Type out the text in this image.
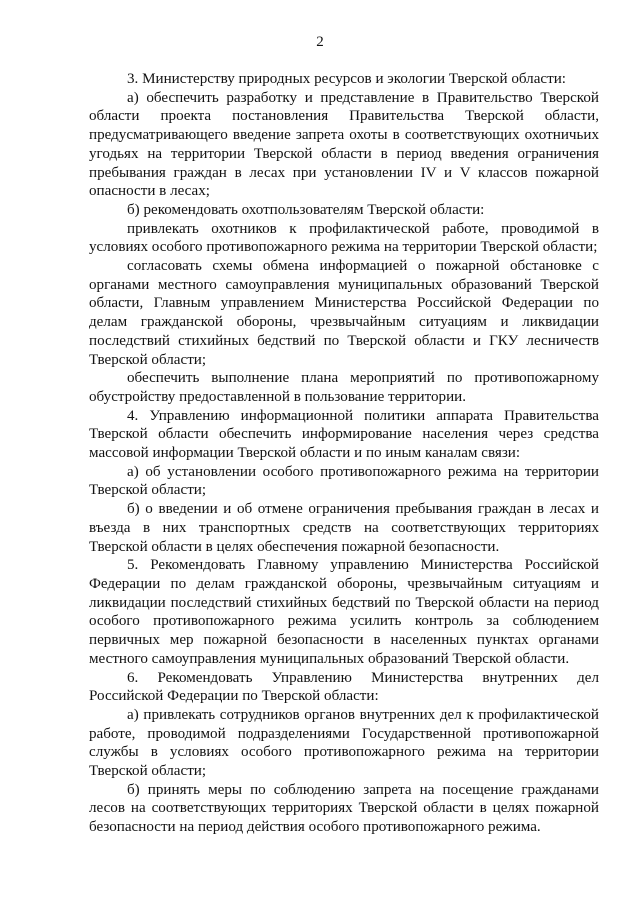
2

3. Министерству природных ресурсов и экологии Тверской области:

а) обеспечить разработку и представление в Правительство Тверской области проекта постановления Правительства Тверской области, предусматривающего введение запрета охоты в соответствующих охотничьих угодьях на территории Тверской области в период введения ограничения пребывания граждан в лесах при установлении IV и V классов пожарной опасности в лесах;

б) рекомендовать охотпользователям Тверской области:

привлекать охотников к профилактической работе, проводимой в условиях особого противопожарного режима на территории Тверской области;

согласовать схемы обмена информацией о пожарной обстановке с органами местного самоуправления муниципальных образований Тверской области, Главным управлением Министерства Российской Федерации по делам гражданской обороны, чрезвычайным ситуациям и ликвидации последствий стихийных бедствий по Тверской области и ГКУ лесничеств Тверской области;

обеспечить выполнение плана мероприятий по противопожарному обустройству предоставленной в пользование территории.

4. Управлению информационной политики аппарата Правительства Тверской области обеспечить информирование населения через средства массовой информации Тверской области и по иным каналам связи:

а) об установлении особого противопожарного режима на территории Тверской области;

б) о введении и об отмене ограничения пребывания граждан в лесах и въезда в них транспортных средств на соответствующих территориях Тверской области в целях обеспечения пожарной безопасности.

5. Рекомендовать Главному управлению Министерства Российской Федерации по делам гражданской обороны, чрезвычайным ситуациям и ликвидации последствий стихийных бедствий по Тверской области на период особого противопожарного режима усилить контроль за соблюдением первичных мер пожарной безопасности в населенных пунктах органами местного самоуправления муниципальных образований Тверской области.

6. Рекомендовать Управлению Министерства внутренних дел Российской Федерации по Тверской области:

а) привлекать сотрудников органов внутренних дел к профилактической работе, проводимой подразделениями Государственной противопожарной службы в условиях особого противопожарного режима на территории Тверской области;

б) принять меры по соблюдению запрета на посещение гражданами лесов на соответствующих территориях Тверской области в целях пожарной безопасности на период действия особого противопожарного режима.
